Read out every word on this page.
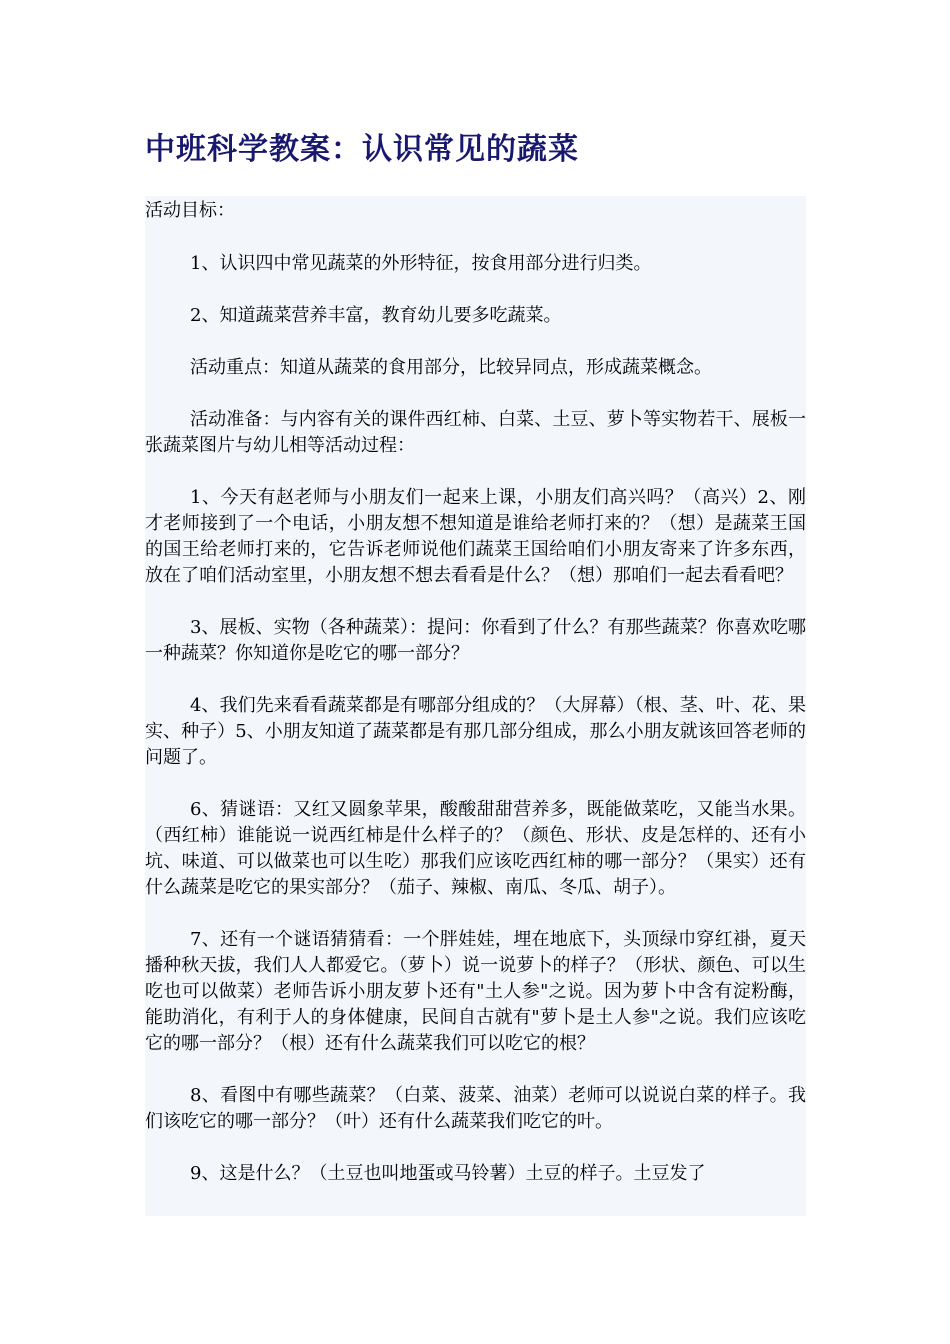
中班科学教案：认识常见的蔬菜

活动目标：

1、认识四中常见蔬菜的外形特征，按食用部分进行归类。

2、知道蔬菜营养丰富，教育幼儿要多吃蔬菜。

活动重点：知道从蔬菜的食用部分，比较异同点，形成蔬菜概念。

活动准备：与内容有关的课件西红柿、白菜、土豆、萝卜等实物若干、展板一张蔬菜图片与幼儿相等活动过程：

1、今天有赵老师与小朋友们一起来上课，小朋友们高兴吗？（高兴）2、刚才老师接到了一个电话，小朋友想不想知道是谁给老师打来的？（想）是蔬菜王国的国王给老师打来的，它告诉老师说他们蔬菜王国给咱们小朋友寄来了许多东西，放在了咱们活动室里，小朋友想不想去看看是什么？（想）那咱们一起去看看吧？

3、展板、实物（各种蔬菜）：提问：你看到了什么？有那些蔬菜？你喜欢吃哪一种蔬菜？你知道你是吃它的哪一部分？

4、我们先来看看蔬菜都是有哪部分组成的？（大屏幕）（根、茎、叶、花、果实、种子）5、小朋友知道了蔬菜都是有那几部分组成，那么小朋友就该回答老师的问题了。

6、猜谜语：又红又圆象苹果，酸酸甜甜营养多，既能做菜吃，又能当水果。（西红柿）谁能说一说西红柿是什么样子的？（颜色、形状、皮是怎样的、还有小坑、味道、可以做菜也可以生吃）那我们应该吃西红柿的哪一部分？（果实）还有什么蔬菜是吃它的果实部分？（茄子、辣椒、南瓜、冬瓜、胡子）。

7、还有一个谜语猜猜看：一个胖娃娃，埋在地底下，头顶绿巾穿红褂，夏天播种秋天拔，我们人人都爱它。（萝卜）说一说萝卜的样子？（形状、颜色、可以生吃也可以做菜）老师告诉小朋友萝卜还有"土人参"之说。因为萝卜中含有淀粉酶，能助消化，有利于人的身体健康，民间自古就有"萝卜是土人参"之说。我们应该吃它的哪一部分？（根）还有什么蔬菜我们可以吃它的根？

8、看图中有哪些蔬菜？（白菜、菠菜、油菜）老师可以说说白菜的样子。我们该吃它的哪一部分？（叶）还有什么蔬菜我们吃它的叶。

9、这是什么？（土豆也叫地蛋或马铃薯）土豆的样子。土豆发了
